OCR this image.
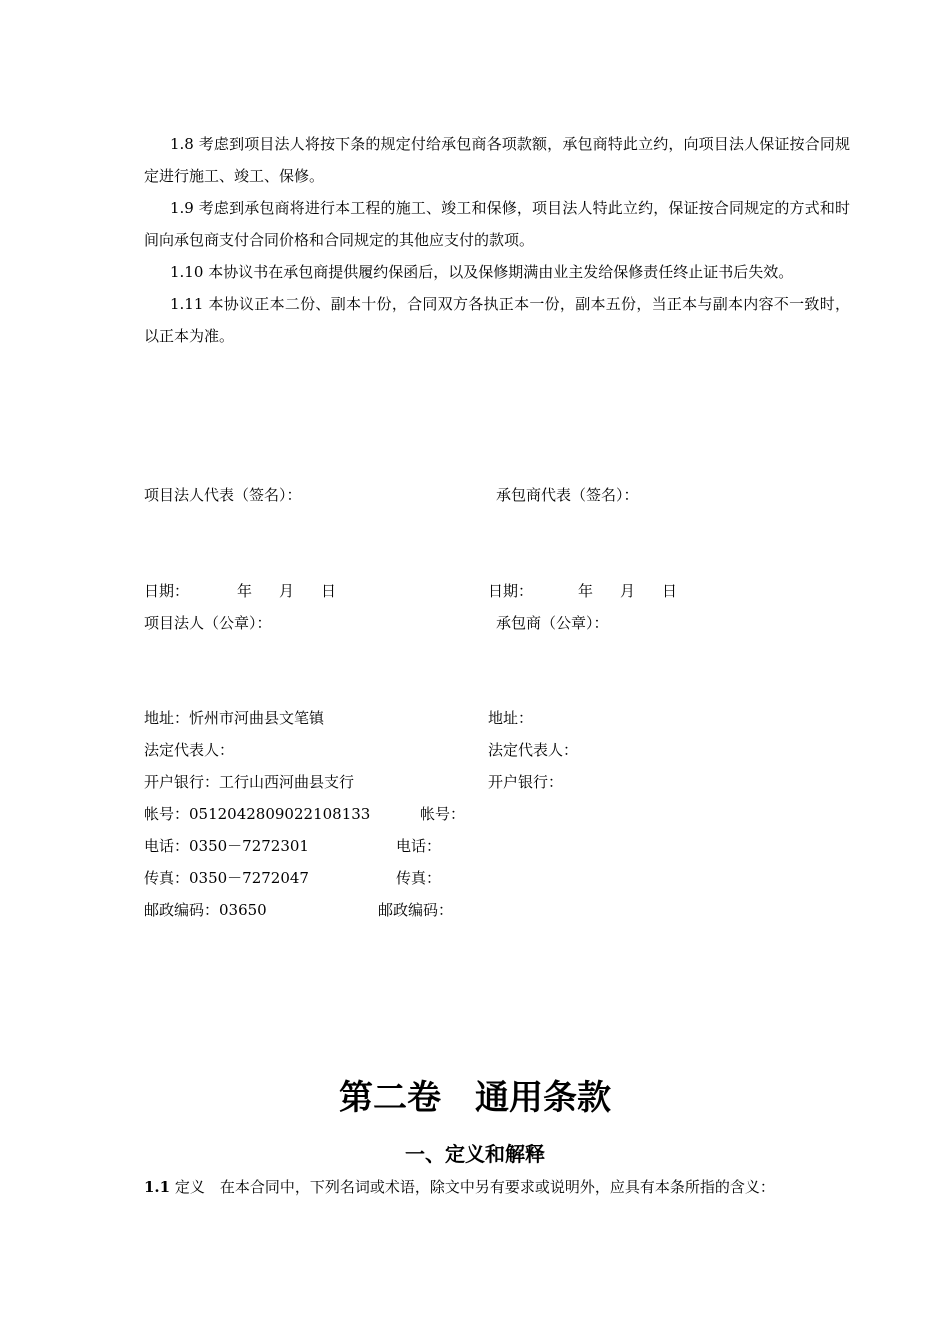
1.8 考虑到项目法人将按下条的规定付给承包商各项款额，承包商特此立约，向项目法人保证按合同规定进行施工、竣工、保修。

1.9 考虑到承包商将进行本工程的施工、竣工和保修，项目法人特此立约，保证按合同规定的方式和时间向承包商支付合同价格和合同规定的其他应支付的款项。

1.10 本协议书在承包商提供履约保函后，以及保修期满由业主发给保修责任终止证书后失效。

1.11 本协议正本二份、副本十份，合同双方各执正本一份，副本五份，当正本与副本内容不一致时，以正本为准。

项目法人代表（签名）：	承包商代表（签名）：
日期：	年 月 日	日期：	年 月 日
项目法人（公章）：	承包商（公章）：
地址：忻州市河曲县文笔镇	地址：
法定代表人：	法定代表人：
开户银行：工行山西河曲县支行	开户银行：
帐号：0512042809022108133	帐号：
电话：0350－7272301	电话：
传真：0350－7272047	传真：
邮政编码：03650	邮政编码：
第二卷　通用条款
一、定义和解释
1.1 定义　 在本合同中，下列名词或术语，除文中另有要求或说明外，应具有本条所指的含义：
